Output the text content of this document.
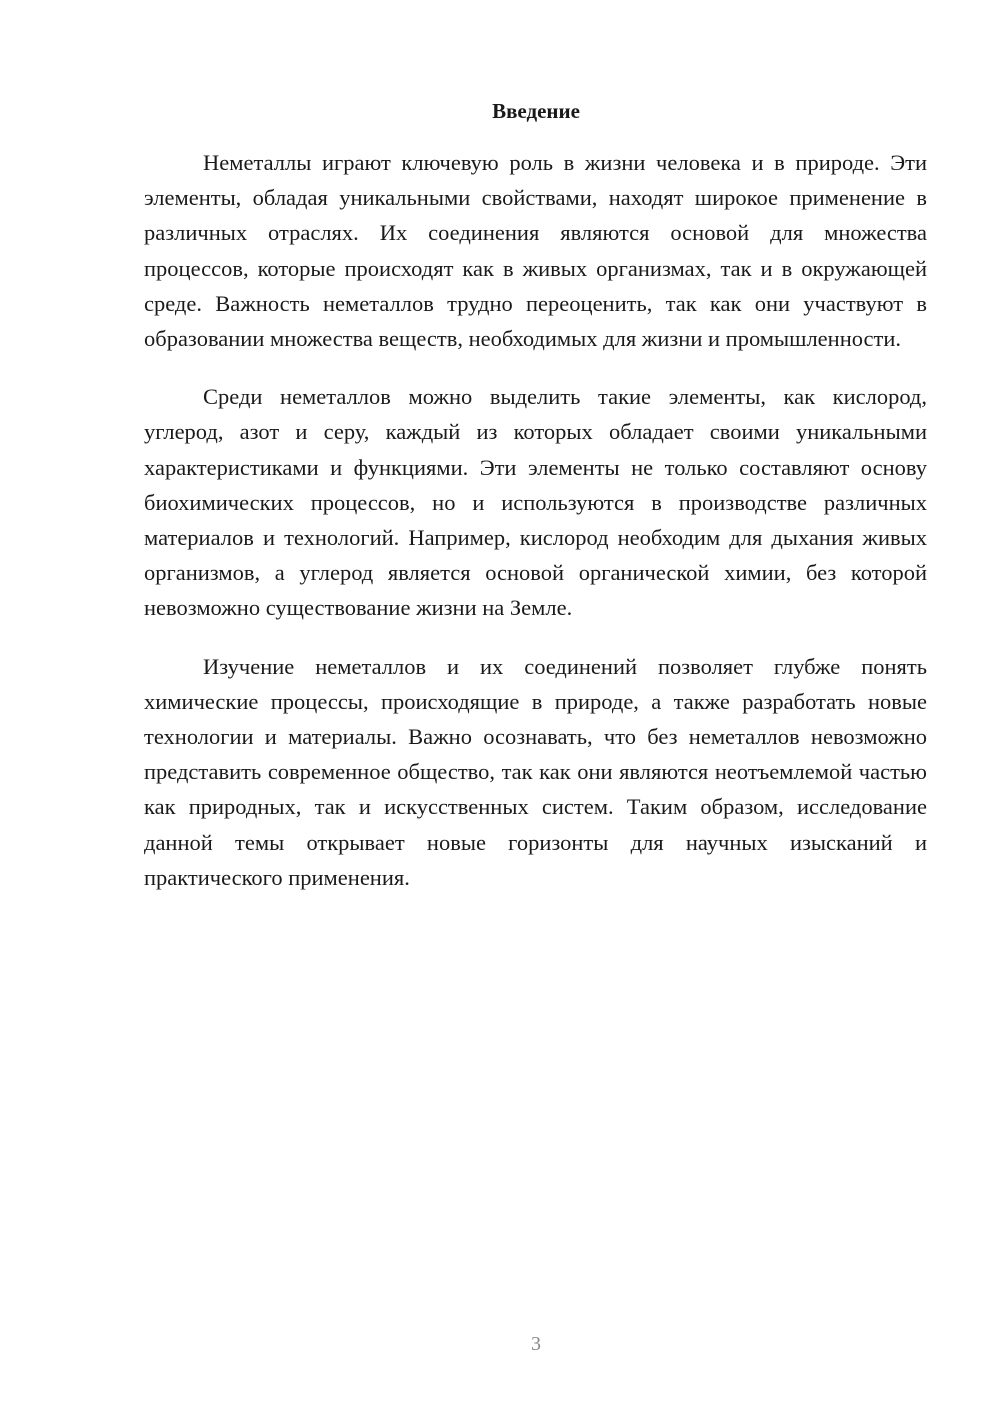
Введение

Неметаллы играют ключевую роль в жизни человека и в природе. Эти элементы, обладая уникальными свойствами, находят широкое применение в различных отраслях. Их соединения являются основой для множества процессов, которые происходят как в живых организмах, так и в окружающей среде. Важность неметаллов трудно переоценить, так как они участвуют в образовании множества веществ, необходимых для жизни и промышленности.

Среди неметаллов можно выделить такие элементы, как кислород, углерод, азот и серу, каждый из которых обладает своими уникальными характеристиками и функциями. Эти элементы не только составляют основу биохимических процессов, но и используются в производстве различных материалов и технологий. Например, кислород необходим для дыхания живых организмов, а углерод является основой органической химии, без которой невозможно существование жизни на Земле.

Изучение неметаллов и их соединений позволяет глубже понять химические процессы, происходящие в природе, а также разработать новые технологии и материалы. Важно осознавать, что без неметаллов невозможно представить современное общество, так как они являются неотъемлемой частью как природных, так и искусственных систем. Таким образом, исследование данной темы открывает новые горизонты для научных изысканий и практического применения.

3
